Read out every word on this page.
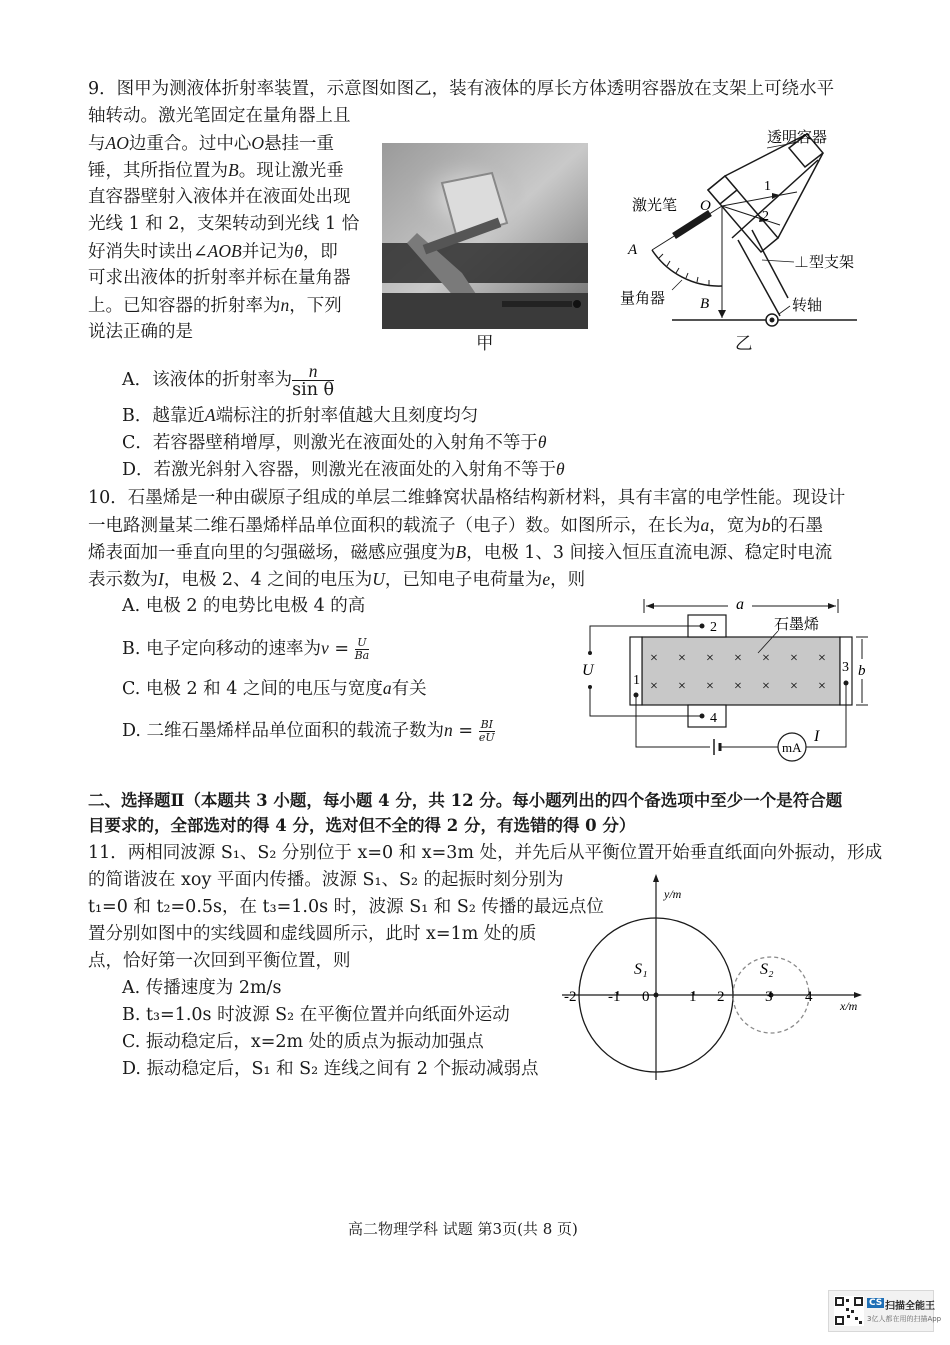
9．图甲为测液体折射率装置，示意图如图乙，装有液体的厚长方体透明容器放在支架上可绕水平
轴转动。激光笔固定在量角器上且
与AO边重合。过中心O悬挂一重
锤，其所指位置为B。现让激光垂
直容器壁射入液体并在液面处出现
光线 1 和 2，支架转动到光线 1 恰
好消失时读出∠AOB并记为θ，即
可求出液体的折射率并标在量角器
上。已知容器的折射率为n，下列
说法正确的是
甲
透明容器
激光笔 O
A
B
1
2
⊥型支架
量角器	转轴
乙
A．该液体的折射率为 $\frac{n}{\text{sin θ}}$
B．越靠近A端标注的折射率值越大且刻度均匀
C．若容器壁稍增厚，则激光在液面处的入射角不等于θ
D．若激光斜射入容器，则激光在液面处的入射角不等于θ
10．石墨烯是一种由碳原子组成的单层二维蜂窝状晶格结构新材料，具有丰富的电学性能。现设计
一电路测量某二维石墨烯样品单位面积的载流子（电子）数。如图所示，在长为a，宽为b的石墨
烯表面加一垂直向里的匀强磁场，磁感应强度为B，电极 1、3 间接入恒压直流电源、稳定时电流
表示数为I，电极 2、4 之间的电压为U，已知电子电荷量为e，则
A. 电极 2 的电势比电极 4 的高
B. 电子定向移动的速率为$v = \frac{U}{Ba}$
C. 电极 2 和 4 之间的电压与宽度a有关
D. 二维石墨烯样品单位面积的载流子数为$n = \frac{BI}{eU}$
a
× × × × × × ×
× × × × × × ×
2
4
1
3
石墨烯
b
U
mA
I
二、选择题Ⅱ（本题共 3 小题，每小题 4 分，共 12 分。每小题列出的四个备选项中至少一个是符合题
目要求的，全部选对的得 4 分，选对但不全的得 2 分，有选错的得 0 分）
11．两相同波源 S₁、S₂ 分别位于 x=0 和 x=3m 处，并先后从平衡位置开始垂直纸面向外振动，形成
的简谐波在 xoy 平面内传播。波源 S₁、S₂ 的起振时刻分别为
t₁=0 和 t₂=0.5s，在 t₃=1.0s 时，波源 S₁ 和 S₂ 传播的最远点位
置分别如图中的实线圆和虚线圆所示，此时 x=1m 处的质
点，恰好第一次回到平衡位置，则
A. 传播速度为 2m/s
B. t₃=1.0s 时波源 S₂ 在平衡位置并向纸面外运动
C. 振动稳定后，x=2m 处的质点为振动加强点
D. 振动稳定后，S₁ 和 S₂ 连线之间有 2 个振动减弱点
y/m
x/m
S₁	S₂
-2 -1 0	1 2	3 4
高二物理学科 试题 第3页(共 8 页)
CS 扫描全能王
3亿人都在用的扫描App
